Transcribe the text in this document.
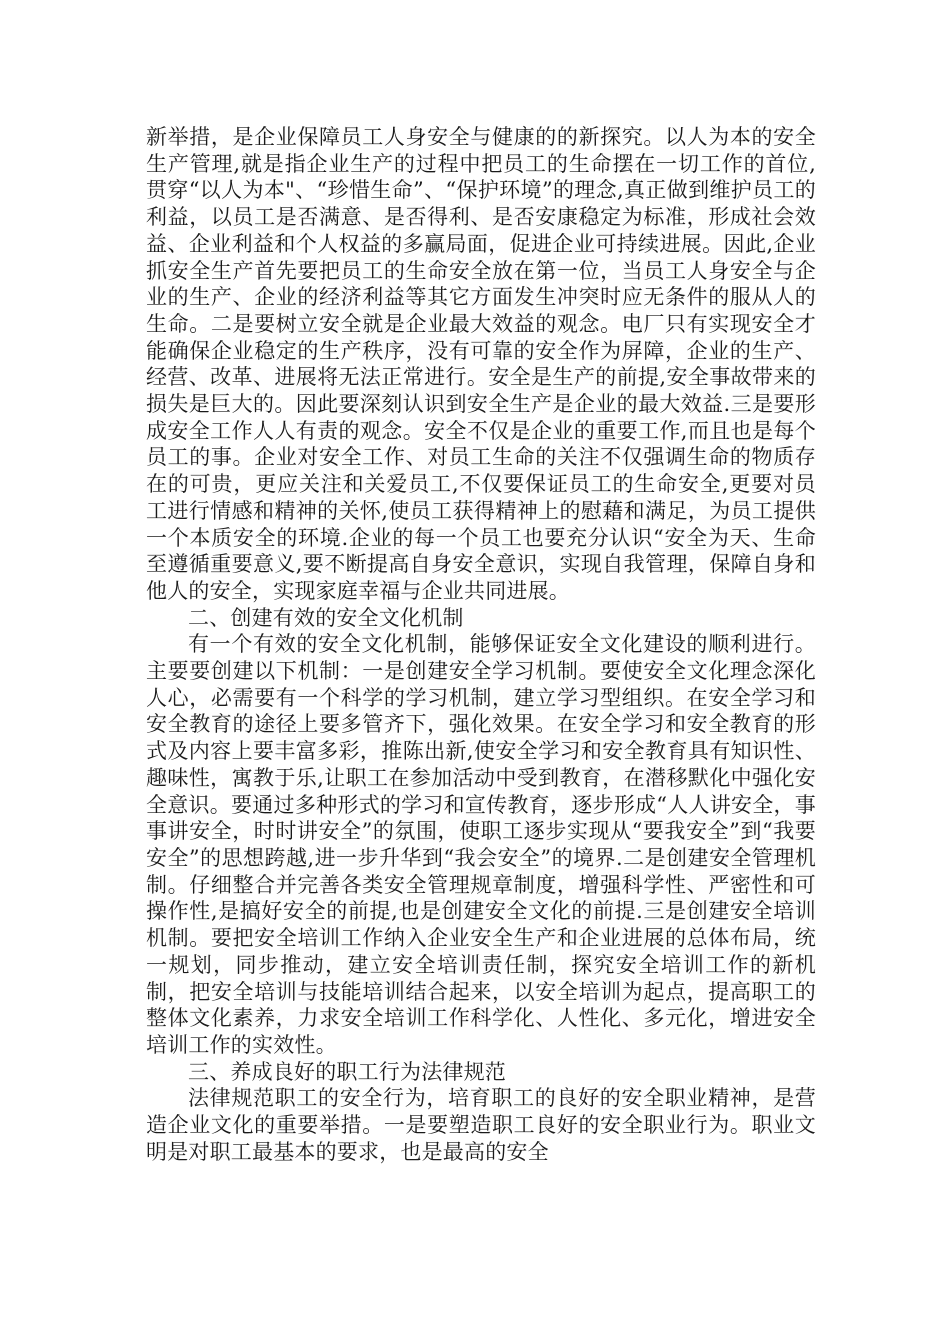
新举措，是企业保障员工人身安全与健康的的新探究。以人为本的安全生产管理,就是指企业生产的过程中把员工的生命摆在一切工作的首位,贯穿“以人为本"、“珍惜生命”、“保护环境”的理念,真正做到维护员工的利益，以员工是否满意、是否得利、是否安康稳定为标准，形成社会效益、企业利益和个人权益的多赢局面，促进企业可持续进展。因此,企业抓安全生产首先要把员工的生命安全放在第一位，当员工人身安全与企业的生产、企业的经济利益等其它方面发生冲突时应无条件的服从人的生命。二是要树立安全就是企业最大效益的观念。电厂只有实现安全才能确保企业稳定的生产秩序，没有可靠的安全作为屏障，企业的生产、经营、改革、进展将无法正常进行。安全是生产的前提,安全事故带来的损失是巨大的。因此要深刻认识到安全生产是企业的最大效益.三是要形成安全工作人人有责的观念。安全不仅是企业的重要工作,而且也是每个员工的事。企业对安全工作、对员工生命的关注不仅强调生命的物质存在的可贵，更应关注和关爱员工,不仅要保证员工的生命安全,更要对员工进行情感和精神的关怀,使员工获得精神上的慰藉和满足，为员工提供一个本质安全的环境.企业的每一个员工也要充分认识“安全为天、生命至遵循重要意义,要不断提高自身安全意识，实现自我管理，保障自身和他人的安全，实现家庭幸福与企业共同进展。

二、创建有效的安全文化机制

有一个有效的安全文化机制，能够保证安全文化建设的顺利进行。主要要创建以下机制：一是创建安全学习机制。要使安全文化理念深化人心，必需要有一个科学的学习机制，建立学习型组织。在安全学习和安全教育的途径上要多管齐下，强化效果。在安全学习和安全教育的形式及内容上要丰富多彩，推陈出新,使安全学习和安全教育具有知识性、趣味性，寓教于乐,让职工在参加活动中受到教育，在潜移默化中强化安全意识。要通过多种形式的学习和宣传教育，逐步形成“人人讲安全，事事讲安全，时时讲安全”的氛围，使职工逐步实现从“要我安全”到“我要安全”的思想跨越,进一步升华到“我会安全”的境界.二是创建安全管理机制。仔细整合并完善各类安全管理规章制度，增强科学性、严密性和可操作性,是搞好安全的前提,也是创建安全文化的前提.三是创建安全培训机制。要把安全培训工作纳入企业安全生产和企业进展的总体布局，统一规划，同步推动，建立安全培训责任制，探究安全培训工作的新机制，把安全培训与技能培训结合起来，以安全培训为起点，提高职工的整体文化素养，力求安全培训工作科学化、人性化、多元化，增进安全培训工作的实效性。

三、养成良好的职工行为法律规范

法律规范职工的安全行为，培育职工的良好的安全职业精神，是营造企业文化的重要举措。一是要塑造职工良好的安全职业行为。职业文明是对职工最基本的要求，也是最高的安全
